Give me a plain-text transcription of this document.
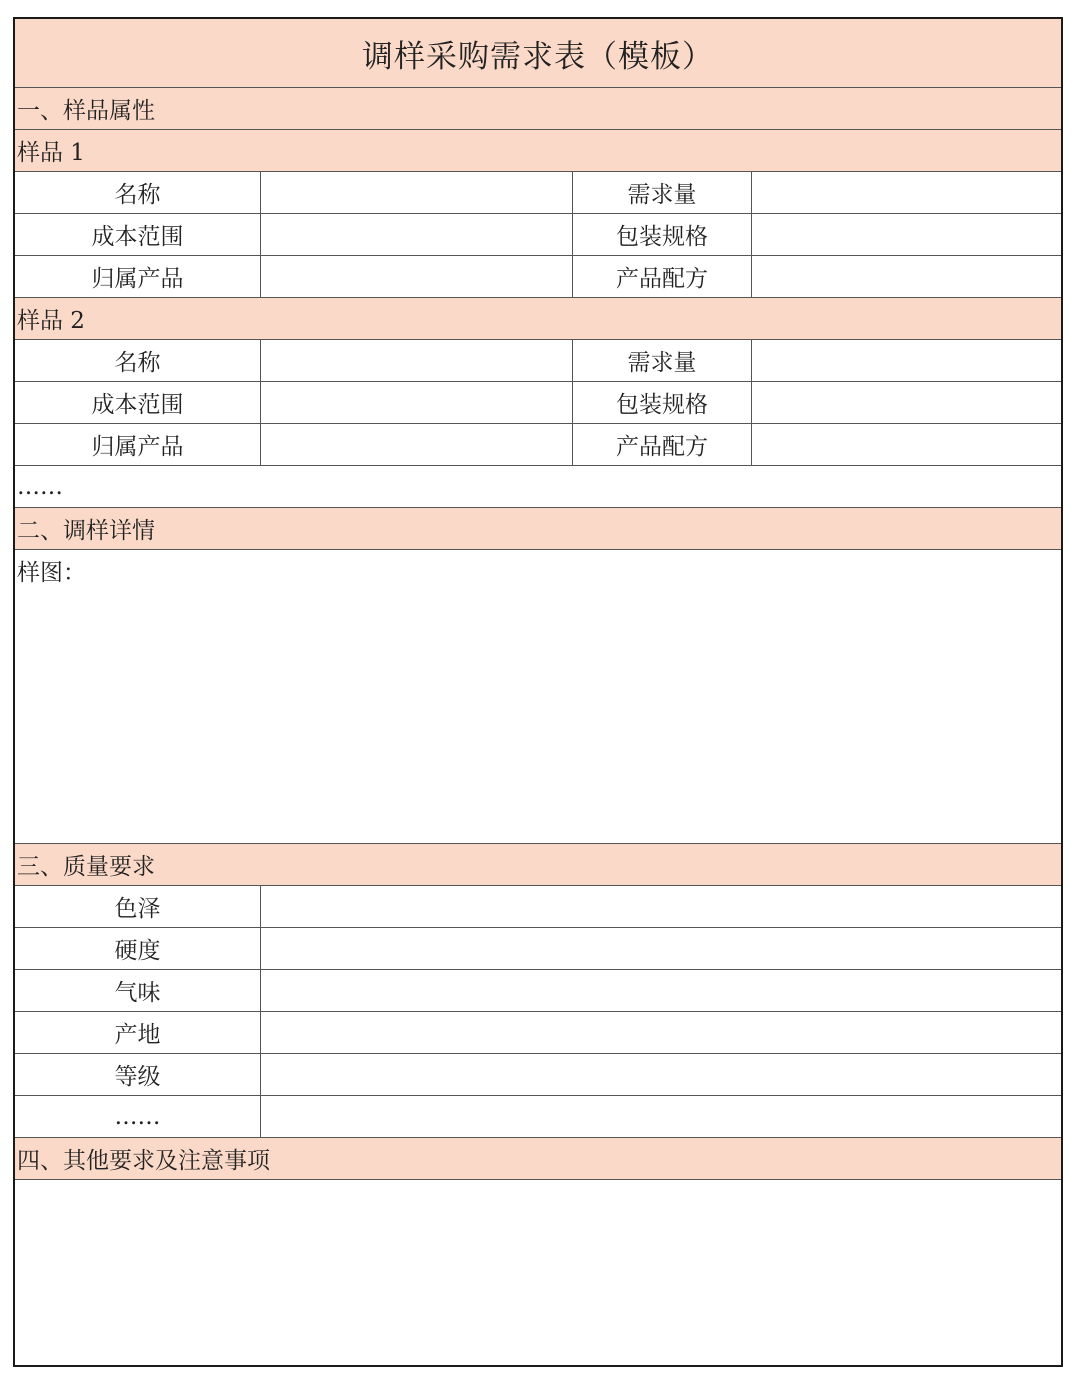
调样采购需求表（模板）
一、样品属性
样品 1
名称	需求量
成本范围	包装规格
归属产品	产品配方
样品 2
名称	需求量
成本范围	包装规格
归属产品	产品配方
……
二、调样详情
样图：
三、质量要求
色泽
硬度
气味
产地
等级
……
四、其他要求及注意事项
